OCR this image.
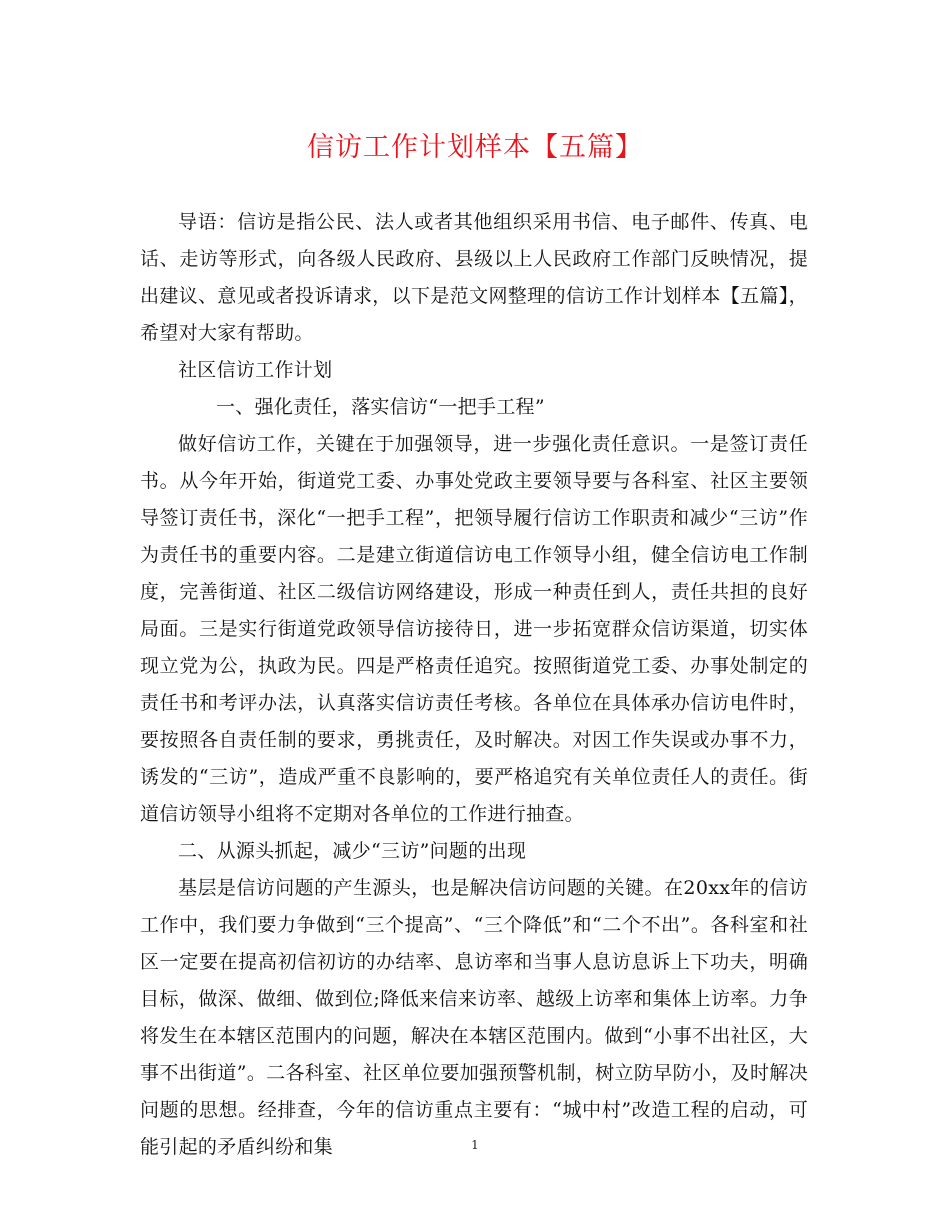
信访工作计划样本【五篇】

导语：信访是指公民、法人或者其他组织采用书信、电子邮件、传真、电话、走访等形式，向各级人民政府、县级以上人民政府工作部门反映情况，提出建议、意见或者投诉请求，以下是范文网整理的信访工作计划样本【五篇】，希望对大家有帮助。

社区信访工作计划

一、强化责任，落实信访“一把手工程”

做好信访工作，关键在于加强领导，进一步强化责任意识。一是签订责任书。从今年开始，街道党工委、办事处党政主要领导要与各科室、社区主要领导签订责任书，深化“一把手工程”，把领导履行信访工作职责和减少“三访”作为责任书的重要内容。二是建立街道信访电工作领导小组，健全信访电工作制度，完善街道、社区二级信访网络建设，形成一种责任到人，责任共担的良好局面。三是实行街道党政领导信访接待日，进一步拓宽群众信访渠道，切实体现立党为公，执政为民。四是严格责任追究。按照街道党工委、办事处制定的责任书和考评办法，认真落实信访责任考核。各单位在具体承办信访电件时，要按照各自责任制的要求，勇挑责任，及时解决。对因工作失误或办事不力，诱发的“三访”，造成严重不良影响的，要严格追究有关单位责任人的责任。街道信访领导小组将不定期对各单位的工作进行抽查。

二、从源头抓起，减少“三访”问题的出现

基层是信访问题的产生源头，也是解决信访问题的关键。在20xx年的信访工作中，我们要力争做到“三个提高”、“三个降低”和“二个不出”。各科室和社区一定要在提高初信初访的办结率、息访率和当事人息访息诉上下功夫，明确目标，做深、做细、做到位;降低来信来访率、越级上访率和集体上访率。力争将发生在本辖区范围内的问题，解决在本辖区范围内。做到“小事不出社区，大事不出街道”。二各科室、社区单位要加强预警机制，树立防早防小，及时解决问题的思想。经排查，今年的信访重点主要有：“城中村”改造工程的启动，可能引起的矛盾纠纷和集	1
